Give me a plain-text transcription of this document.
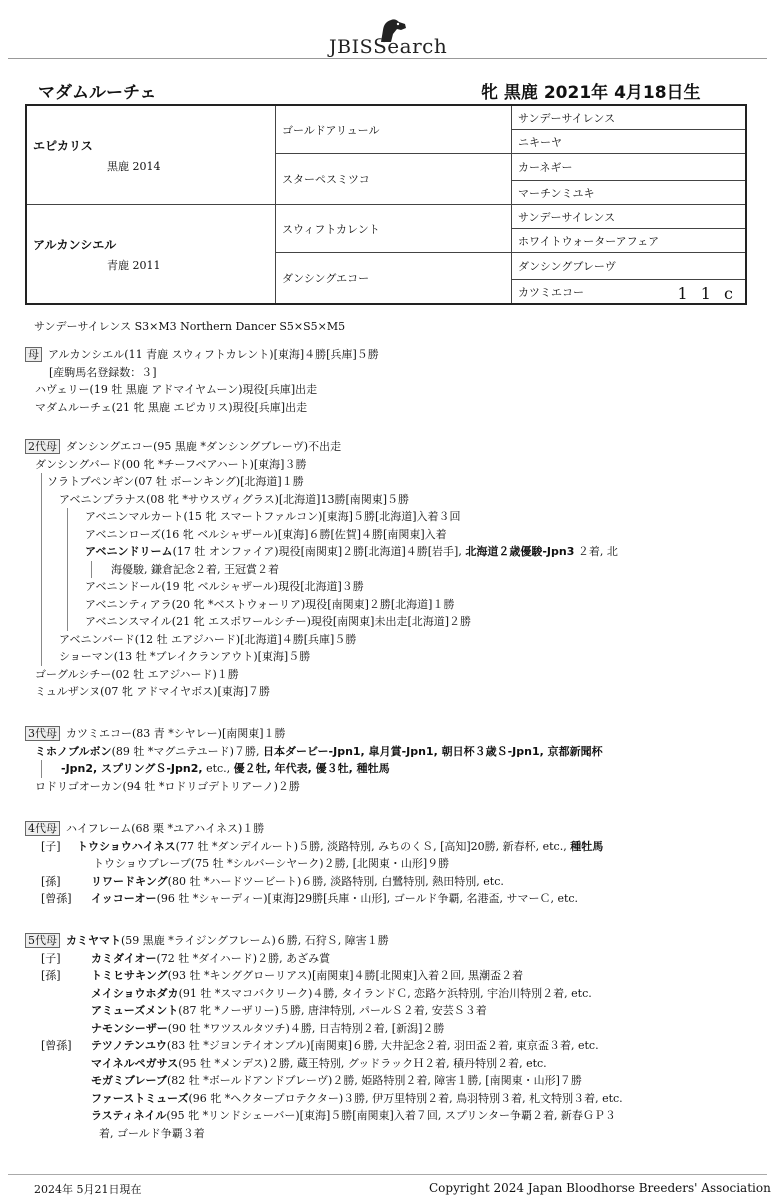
JBISSearch
マダムルーチェ	牝 黒鹿 2021年 4月18日生
エピカリス
黒鹿 2014	ゴールドアリュール	サンデーサイレンス
		ニキーヤ
	スターペスミツコ	カーネギー
		マーチンミユキ
アルカンシエル
青鹿 2011	スウィフトカレント	サンデーサイレンス
		ホワイトウォーターアフェア
	ダンシングエコー	ダンシングブレーヴ
		カツミエコー 1 1 c
サンデーサイレンス S3×M3 Northern Dancer S5×S5×M5
母 アルカンシエル(11 青鹿 スウィフトカレント)[東海]４勝[兵庫]５勝
[産駒馬名登録数：３]
ハヴェリー(19 牡 黒鹿 アドマイヤムーン)現役[兵庫]出走
マダムルーチェ(21 牝 黒鹿 エピカリス)現役[兵庫]出走
2代母 ダンシングエコー(95 黒鹿 *ダンシングブレーヴ)不出走
ダンシングバード(00 牝 *チーフベアハート)[東海]３勝
ソラトブペンギン(07 牡 ボーンキング)[北海道]１勝
アベニンプラナス(08 牝 *サウスヴィグラス)[北海道]13勝[南関東]５勝
アベニンマルカート(15 牝 スマートファルコン)[東海]５勝[北海道]入着３回
アベニンローズ(16 牝 ベルシャザール)[東海]６勝[佐賀]４勝[南関東]入着
アベニンドリーム(17 牡 オンファイア)現役[南関東]２勝[北海道]４勝[岩手], 北海道２歳優駿-Jpn3 ２着, 北
海優駿, 鎌倉記念２着, 王冠賞２着
アベニンドール(19 牝 ベルシャザール)現役[北海道]３勝
アベニンティアラ(20 牝 *ベストウォーリア)現役[南関東]２勝[北海道]１勝
アベニンスマイル(21 牝 エスポワールシチー)現役[南関東]未出走[北海道]２勝
アベニンバード(12 牡 エアジハード)[北海道]４勝[兵庫]５勝
ショーマン(13 牡 *ブレイクランアウト)[東海]５勝
ゴーグルシチー(02 牡 エアジハード)１勝
ミュルザンヌ(07 牝 アドマイヤボス)[東海]７勝
3代母 カツミエコー(83 青 *シヤレー)[南関東]１勝
ミホノブルボン(89 牡 *マグニテユード)７勝, 日本ダービー-Jpn1, 皐月賞-Jpn1, 朝日杯３歳Ｓ-Jpn1, 京都新聞杯
-Jpn2, スプリングＳ-Jpn2, etc., 優２牡, 年代表, 優３牡, 種牡馬
ロドリゴオーカン(94 牡 *ロドリゴデトリアーノ)２勝
4代母 ハイフレーム(68 栗 *ユアハイネス)１勝
[子] トウショウハイネス(77 牡 *ダンデイルート)５勝, 淡路特別, みちのくＳ, [高知]20勝, 新春杯, etc., 種牡馬
トウショウブレーブ(75 牡 *シルバーシヤーク)２勝, [北関東・山形]９勝
[孫]	リワードキング(80 牡 *ハードツービート)６勝, 淡路特別, 白鷺特別, 熱田特別, etc.
[曾孫] イッコーオー(96 牡 *シャーディー)[東海]29勝[兵庫・山形], ゴールド争覇, 名港盃, サマーＣ, etc.
5代母 カミヤマト(59 黒鹿 *ライジングフレーム)６勝, 石狩Ｓ, 障害１勝
[子]	カミダイオー(72 牡 *ダイハード)２勝, あざみ賞
[孫]	トミヒサキング(93 牡 *キンググローリアス)[南関東]４勝[北関東]入着２回, 黒潮盃２着
メイショウホダカ(91 牡 *スマコバクリーク)４勝, タイランドＣ, 恋路ケ浜特別, 宇治川特別２着, etc.
アミューズメント(87 牝 *ノーザリー)５勝, 唐津特別, パールＳ２着, 安芸Ｓ３着
ナモンシーザー(90 牡 *ワツスルタツチ)４勝, 日吉特別２着, [新潟]２勝
[曾孫] テツノテンユウ(83 牡 *ジヨンテイオンブル)[南関東]６勝, 大井記念２着, 羽田盃２着, 東京盃３着, etc.
マイネルペガサス(95 牡 *メンデス)２勝, 蔵王特別, グッドラックＨ２着, 積丹特別２着, etc.
モガミブレーブ(82 牡 *ボールドアンドブレーヴ)２勝, 姫路特別２着, 障害１勝, [南関東・山形]７勝
ファーストミューズ(96 牝 *ヘクタープロテクター)３勝, 伊万里特別２着, 鳥羽特別３着, 札文特別３着, etc.
ラスティネイル(95 牝 *リンドシェーバー)[東海]５勝[南関東]入着７回, スプリンター争覇２着, 新春ＧＰ３
着, ゴールド争覇３着
2024年 5月21日現在	Copyright 2024 Japan Bloodhorse Breeders' Association
